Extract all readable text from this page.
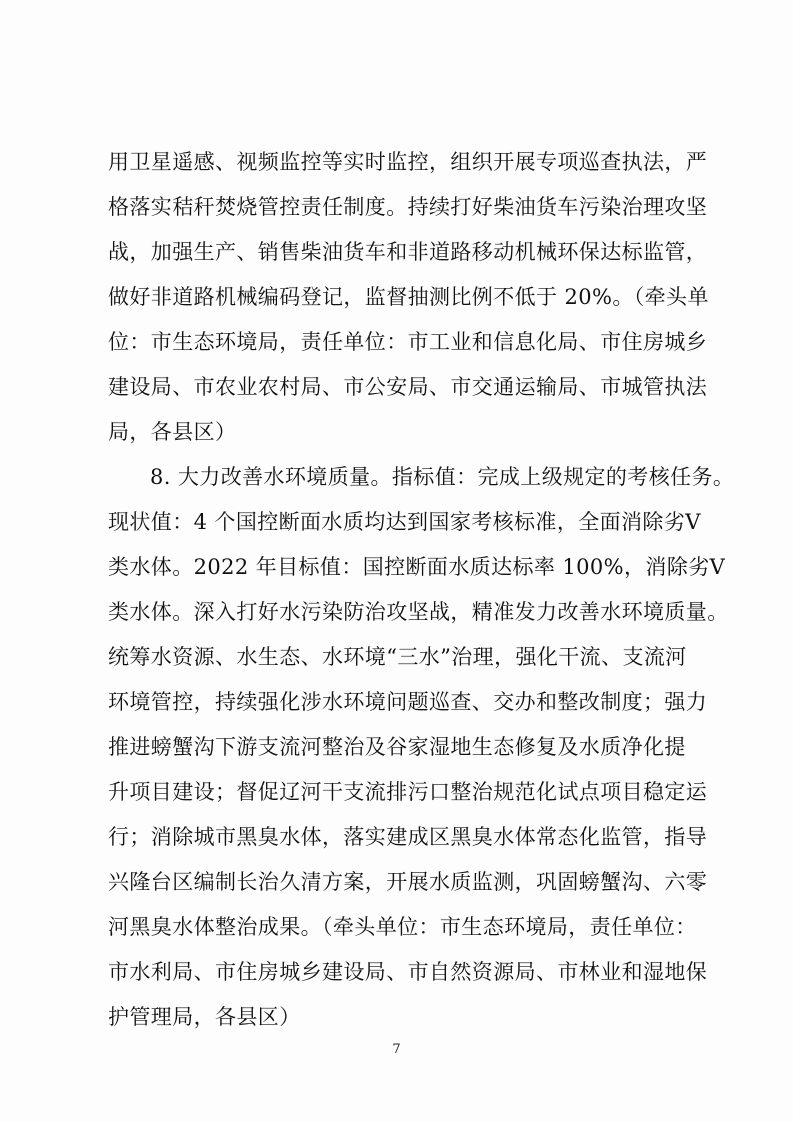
用卫星遥感、视频监控等实时监控，组织开展专项巡查执法，严
格落实秸秆焚烧管控责任制度。持续打好柴油货车污染治理攻坚
战，加强生产、销售柴油货车和非道路移动机械环保达标监管，
做好非道路机械编码登记，监督抽测比例不低于 20%。（牵头单
位：市生态环境局，责任单位：市工业和信息化局、市住房城乡
建设局、市农业农村局、市公安局、市交通运输局、市城管执法
局，各县区）
8. 大力改善水环境质量。指标值：完成上级规定的考核任务。
现状值：4 个国控断面水质均达到国家考核标准，全面消除劣Ⅴ
类水体。2022 年目标值：国控断面水质达标率 100%，消除劣Ⅴ
类水体。深入打好水污染防治攻坚战，精准发力改善水环境质量。
统筹水资源、水生态、水环境“三水”治理，强化干流、支流河
环境管控，持续强化涉水环境问题巡查、交办和整改制度；强力
推进螃蟹沟下游支流河整治及谷家湿地生态修复及水质净化提
升项目建设；督促辽河干支流排污口整治规范化试点项目稳定运
行；消除城市黑臭水体，落实建成区黑臭水体常态化监管，指导
兴隆台区编制长治久清方案，开展水质监测，巩固螃蟹沟、六零
河黑臭水体整治成果。（牵头单位：市生态环境局，责任单位：
市水利局、市住房城乡建设局、市自然资源局、市林业和湿地保
护管理局，各县区）
7
